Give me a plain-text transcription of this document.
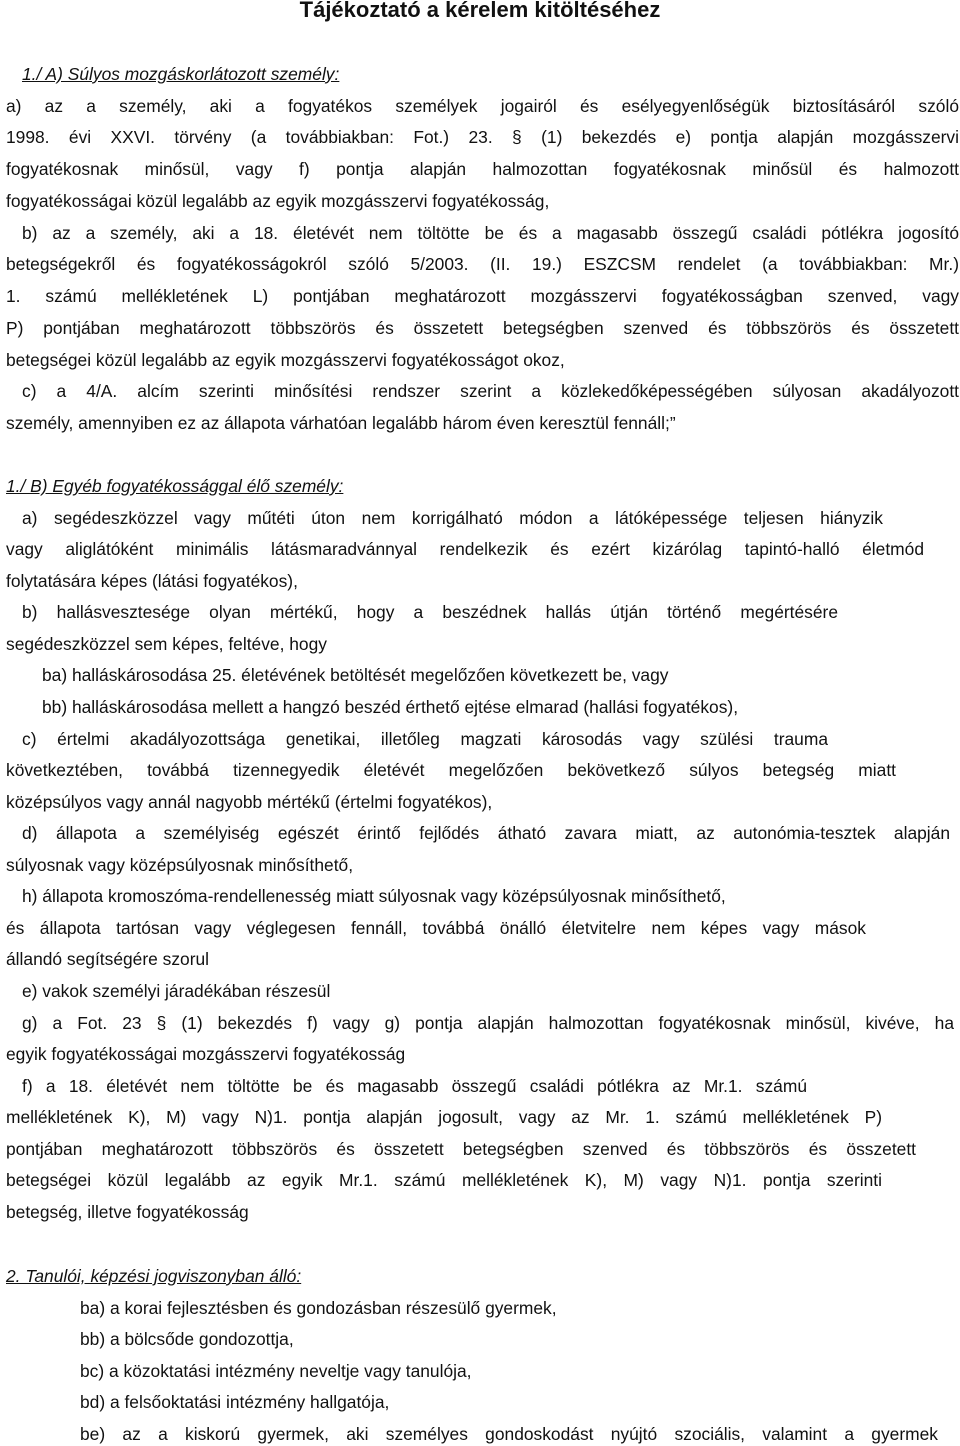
Tájékoztató a kérelem kitöltéséhez

1./ A) Súlyos mozgáskorlátozott személy:

a) az a személy, aki a fogyatékos személyek jogairól és esélyegyenlőségük biztosításáról szóló

1998. évi XXVI. törvény (a továbbiakban: Fot.) 23. § (1) bekezdés e) pontja alapján mozgásszervi

fogyatékosnak minősül, vagy f) pontja alapján halmozottan fogyatékosnak minősül és halmozott

fogyatékosságai közül legalább az egyik mozgásszervi fogyatékosság,

b) az a személy, aki a 18. életévét nem töltötte be és a magasabb összegű családi pótlékra jogosító

betegségekről és fogyatékosságokról szóló 5/2003. (II. 19.) ESZCSM rendelet (a továbbiakban: Mr.)

1. számú mellékletének L) pontjában meghatározott mozgásszervi fogyatékosságban szenved, vagy

P) pontjában meghatározott többszörös és összetett betegségben szenved és többszörös és összetett

betegségei közül legalább az egyik mozgásszervi fogyatékosságot okoz,

c) a 4/A. alcím szerinti minősítési rendszer szerint a közlekedőképességében súlyosan akadályozott

személy, amennyiben ez az állapota várhatóan legalább három éven keresztül fennáll;”

1./ B) Egyéb fogyatékossággal élő személy:

a) segédeszközzel vagy műtéti úton nem korrigálható módon a látóképessége teljesen hiányzik

vagy aliglátóként minimális látásmaradvánnyal rendelkezik és ezért kizárólag tapintó-halló életmód

folytatására képes (látási fogyatékos),

b) hallásvesztesége olyan mértékű, hogy a beszédnek hallás útján történő megértésére

segédeszközzel sem képes, feltéve, hogy

ba) halláskárosodása 25. életévének betöltését megelőzően következett be, vagy

bb) halláskárosodása mellett a hangzó beszéd érthető ejtése elmarad (hallási fogyatékos),

c) értelmi akadályozottsága genetikai, illetőleg magzati károsodás vagy szülési trauma

következtében, továbbá tizennegyedik életévét megelőzően bekövetkező súlyos betegség miatt

középsúlyos vagy annál nagyobb mértékű (értelmi fogyatékos),

d) állapota a személyiség egészét érintő fejlődés átható zavara miatt, az autonómia-tesztek alapján

súlyosnak vagy középsúlyosnak minősíthető,

h) állapota kromoszóma-rendellenesség miatt súlyosnak vagy középsúlyosnak minősíthető,

és állapota tartósan vagy véglegesen fennáll, továbbá önálló életvitelre nem képes vagy mások

állandó segítségére szorul

e) vakok személyi járadékában részesül

g) a Fot. 23 § (1) bekezdés f) vagy g) pontja alapján halmozottan fogyatékosnak minősül, kivéve, ha

egyik fogyatékosságai mozgásszervi fogyatékosság

f) a 18. életévét nem töltötte be és magasabb összegű családi pótlékra az Mr.1. számú

mellékletének K), M) vagy N)1. pontja alapján jogosult, vagy az Mr. 1. számú mellékletének P)

pontjában meghatározott többszörös és összetett betegségben szenved és többszörös és összetett

betegségei közül legalább az egyik Mr.1. számú mellékletének K), M) vagy N)1. pontja szerinti

betegség, illetve fogyatékosság

2. Tanulói, képzési jogviszonyban álló:

ba) a korai fejlesztésben és gondozásban részesülő gyermek,

bb) a bölcsőde gondozottja,

bc) a közoktatási intézmény neveltje vagy tanulója,

bd) a felsőoktatási intézmény hallgatója,

be) az a kiskorú gyermek, aki személyes gondoskodást nyújtó szociális, valamint a gyermek
